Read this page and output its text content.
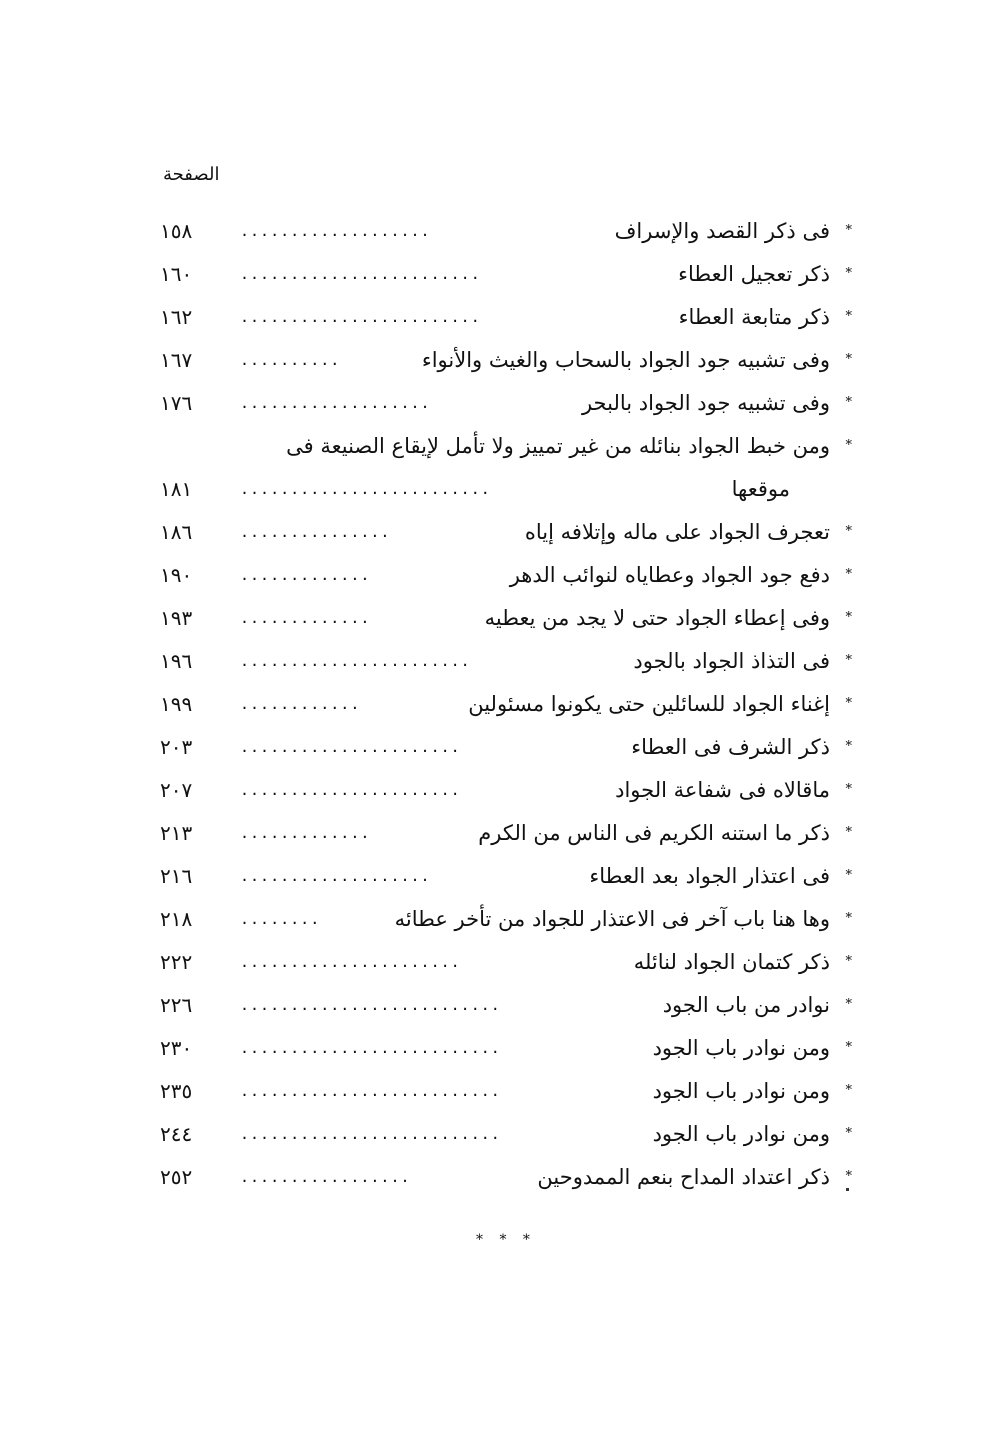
الصفحة
*
فى ذكر القصد والإسراف
...................
١٥٨
*
ذكر تعجيل العطاء
........................
١٦٠
*
ذكر متابعة العطاء
........................
١٦٢
*
وفى تشبيه جود الجواد بالسحاب والغيث والأنواء
..........
١٦٧
*
وفى تشبيه جود الجواد بالبحر
...................
١٧٦
*
ومن خبط الجواد بنائله من غير تمييز ولا تأمل لإيقاع الصنيعة فى
موقعها
.........................
١٨١
*
تعجرف الجواد على ماله وإتلافه إياه
...............
١٨٦
*
دفع جود الجواد وعطاياه لنوائب الدهر
.............
١٩٠
*
وفى إعطاء الجواد حتى لا يجد من يعطيه
.............
١٩٣
*
فى التذاذ الجواد بالجود
.......................
١٩٦
*
إغناء الجواد للسائلين حتى يكونوا مسئولين
............
١٩٩
*
ذكر الشرف فى العطاء
......................
٢٠٣
*
ماقالاه فى شفاعة الجواد
......................
٢٠٧
*
ذكر ما استنه الكريم فى الناس من الكرم
.............
٢١٣
*
فى اعتذار الجواد بعد العطاء
...................
٢١٦
*
وها هنا باب آخر فى الاعتذار للجواد من تأخر عطائه
........
٢١٨
*
ذكر كتمان الجواد لنائله
......................
٢٢٢
*
نوادر من باب الجود
..........................
٢٢٦
*
ومن نوادر باب الجود
..........................
٢٣٠
*
ومن نوادر باب الجود
..........................
٢٣٥
*
ومن نوادر باب الجود
..........................
٢٤٤
*
ذكر اعتداد المداح بنعم الممدوحين
.................
٢٥٢
* * *
